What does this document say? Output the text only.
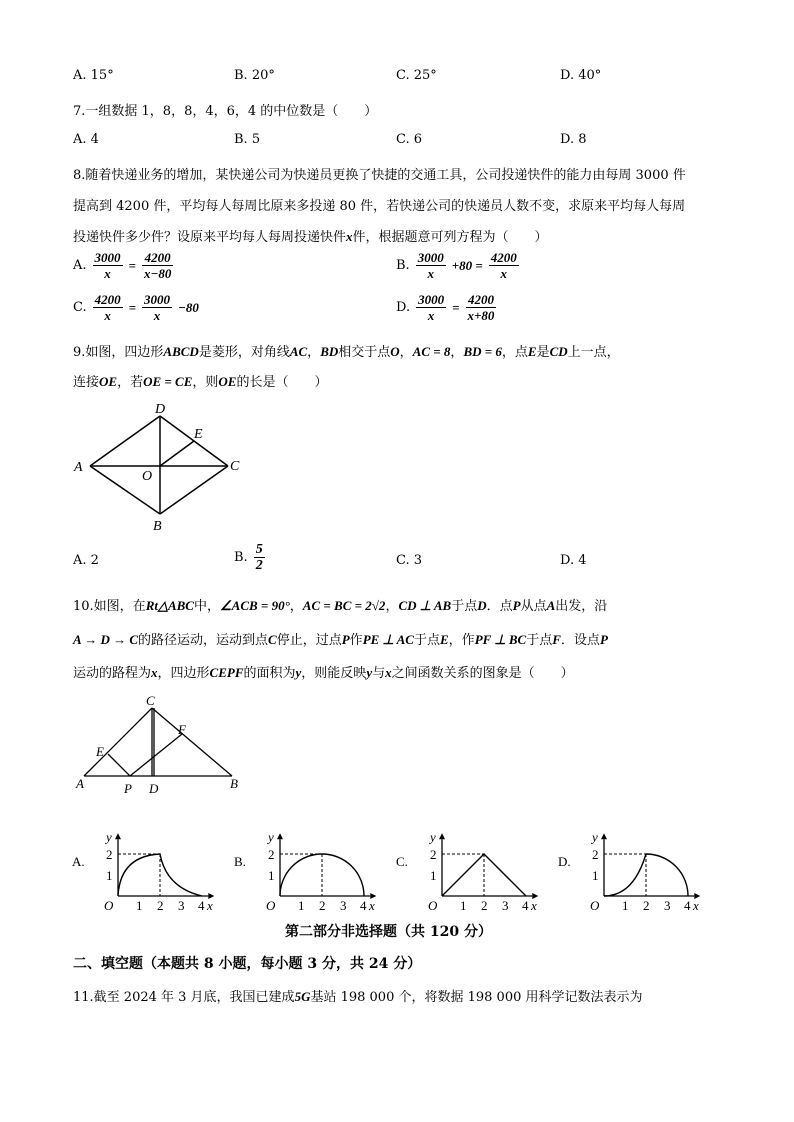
A. 15°	B. 20°	C. 25°	D. 40°
7.一组数据 1，8，8，4，6，4 的中位数是（　　）
A. 4	B. 5	C. 6	D. 8
8.随着快递业务的增加，某快递公司为快递员更换了快捷的交通工具，公司投递快件的能力由每周 3000 件
提高到 4200 件，平均每人每周比原来多投递 80 件，若快递公司的快递员人数不变，求原来平均每人每周
投递快件多少件？设原来平均每人每周投递快件x件，根据题意可列方程为（　　）
A. $\frac{3000}{x} = \frac{4200}{x-80}$	B. $\frac{3000}{x} +80 = \frac{4200}{x}$
C. $\frac{4200}{x} = \frac{3000}{x} -80$	D. $\frac{3000}{x} = \frac{4200}{x+80}$
9.如图，四边形ABCD是菱形，对角线AC，BD相交于点O，AC = 8，BD = 6，点E是CD上一点，
连接OE，若OE = CE，则OE的长是（　　）
D
E
A
O
C
B
A. 2	B. $\frac{5}{2}$	C. 3	D. 4
10.如图，在Rt△ABC中，∠ACB = 90°，AC = BC = 2√2，CD ⊥ AB于点D．点P从点A出发，沿
A → D → C的路径运动，运动到点C停止，过点P作PE ⊥ AC于点E，作PF ⊥ BC于点F．设点P
运动的路程为x，四边形CEPF的面积为y，则能反映y与x之间函数关系的图象是（　　）
C
F
E
A	P D	B
A.
y
2
1
O 1 2 3 4 x
B.
y
2
1
O 1 2 3 4 x
C.
y
2
1
O 1 2 3 4 x
D.
y
2
1
O 1 2 3 4 x
第二部分非选择题（共 120 分）
二、填空题（本题共 8 小题，每小题 3 分，共 24 分）
11.截至 2024 年 3 月底，我国已建成5G基站 198 000 个，将数据 198 000 用科学记数法表示为
